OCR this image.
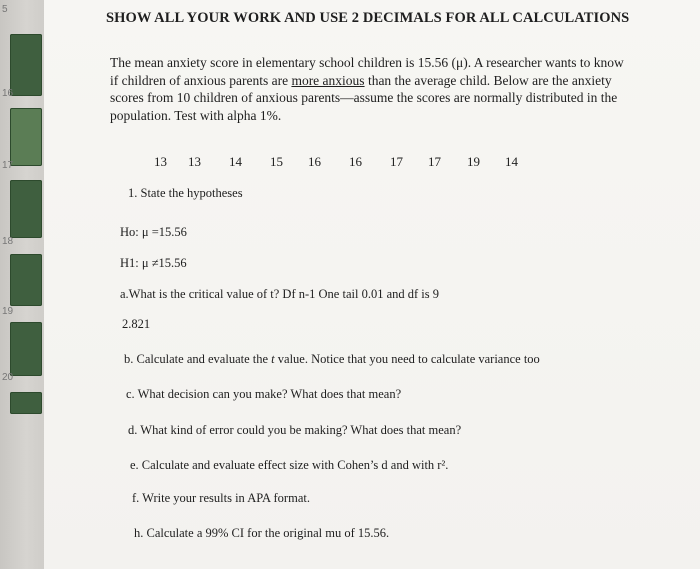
5
16
17
18
19
20
SHOW ALL YOUR WORK AND USE 2 DECIMALS FOR ALL CALCULATIONS
The mean anxiety score in elementary school children is 15.56 (μ). A researcher wants to know
if children of anxious parents are more anxious than the average child. Below are the anxiety
scores from 10 children of anxious parents—assume the scores are normally distributed in the
population. Test with alpha 1%.
13	13	14	15	16	16	17	17	19	14
1. State the hypotheses
Ho: μ =15.56
H1: μ ≠15.56
a.What is the critical value of t? Df n-1 One tail 0.01 and df is 9
2.821
b. Calculate and evaluate the t value. Notice that you need to calculate variance too
c. What decision can you make? What does that mean?
d. What kind of error could you be making? What does that mean?
e. Calculate and evaluate effect size with Cohen’s d and with r².
f. Write your results in APA format.
h. Calculate a 99% CI for the original mu of 15.56.
